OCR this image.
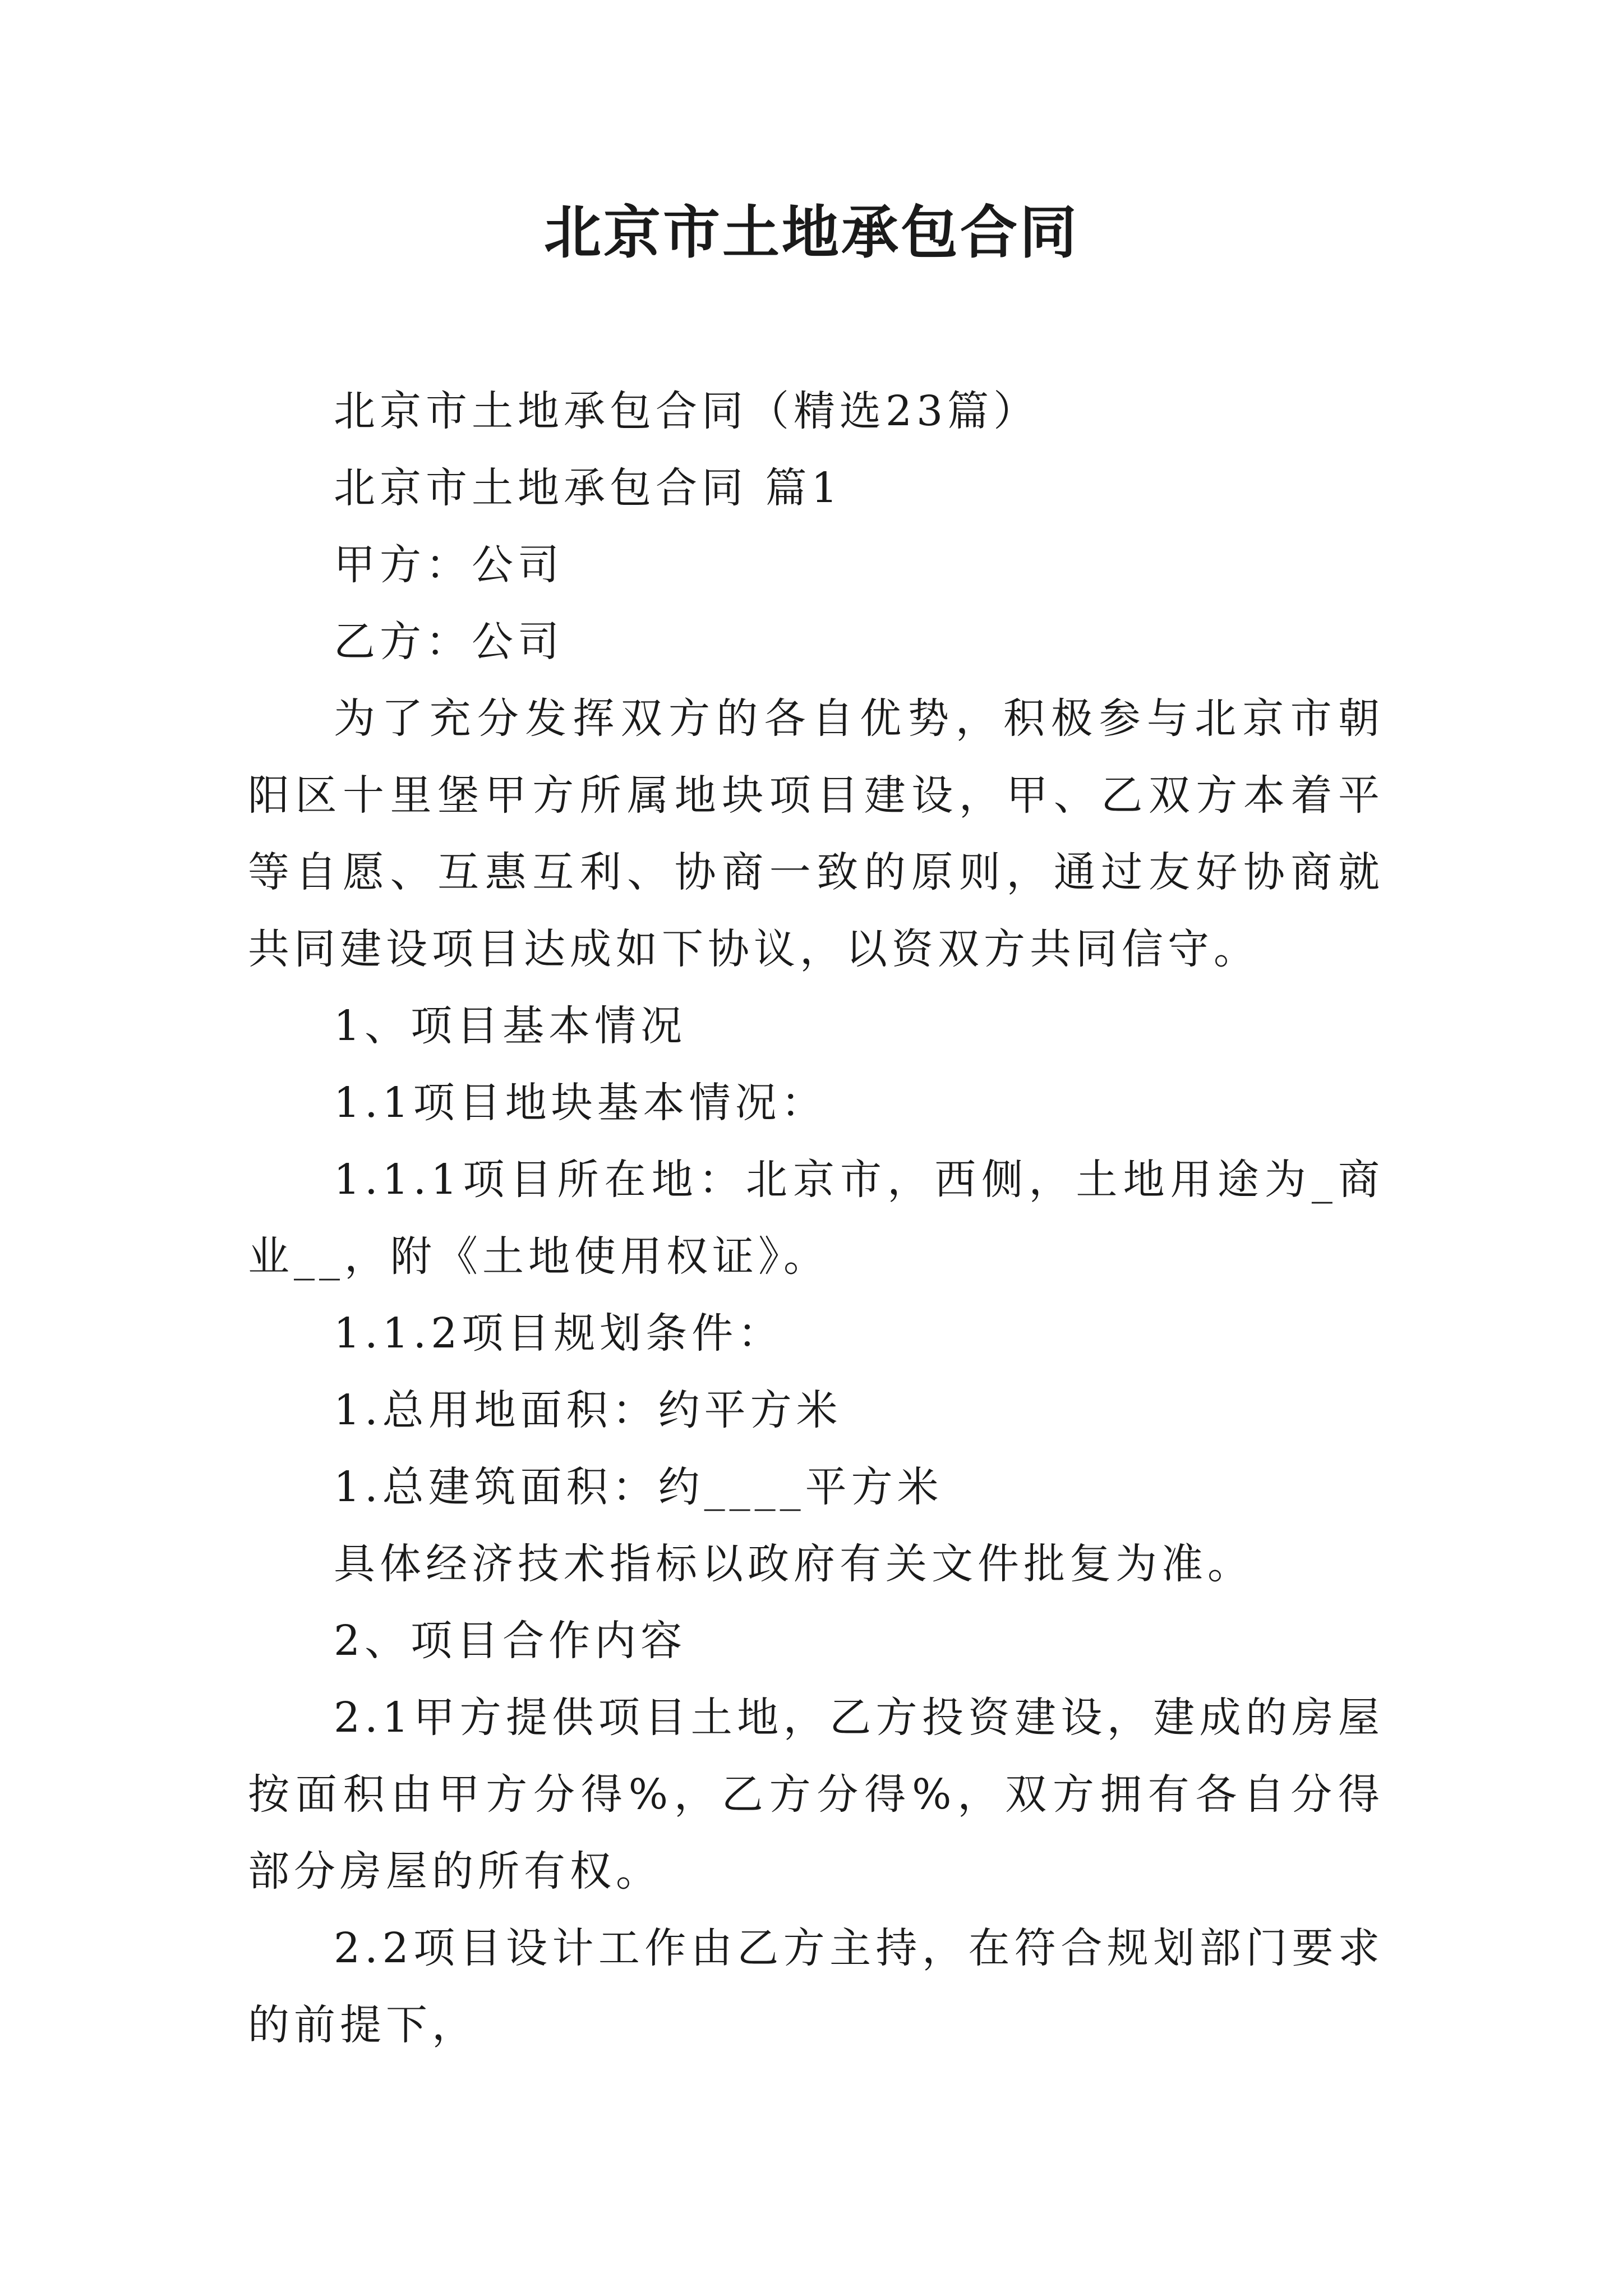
北京市土地承包合同

北京市土地承包合同（精选23篇）

北京市土地承包合同 篇1

甲方：公司

乙方：公司

为了充分发挥双方的各自优势，积极参与北京市朝阳区十里堡甲方所属地块项目建设，甲、乙双方本着平等自愿、互惠互利、协商一致的原则，通过友好协商就共同建设项目达成如下协议，以资双方共同信守。

1、项目基本情况

1.1项目地块基本情况：

1.1.1项目所在地：北京市，西侧，土地用途为_商业__，附《土地使用权证》。

1.1.2项目规划条件：

1.总用地面积：约平方米

1.总建筑面积：约____平方米

具体经济技术指标以政府有关文件批复为准。

2、项目合作内容

2.1甲方提供项目土地，乙方投资建设，建成的房屋按面积由甲方分得%，乙方分得%，双方拥有各自分得部分房屋的所有权。

2.2项目设计工作由乙方主持，在符合规划部门要求的前提下，
